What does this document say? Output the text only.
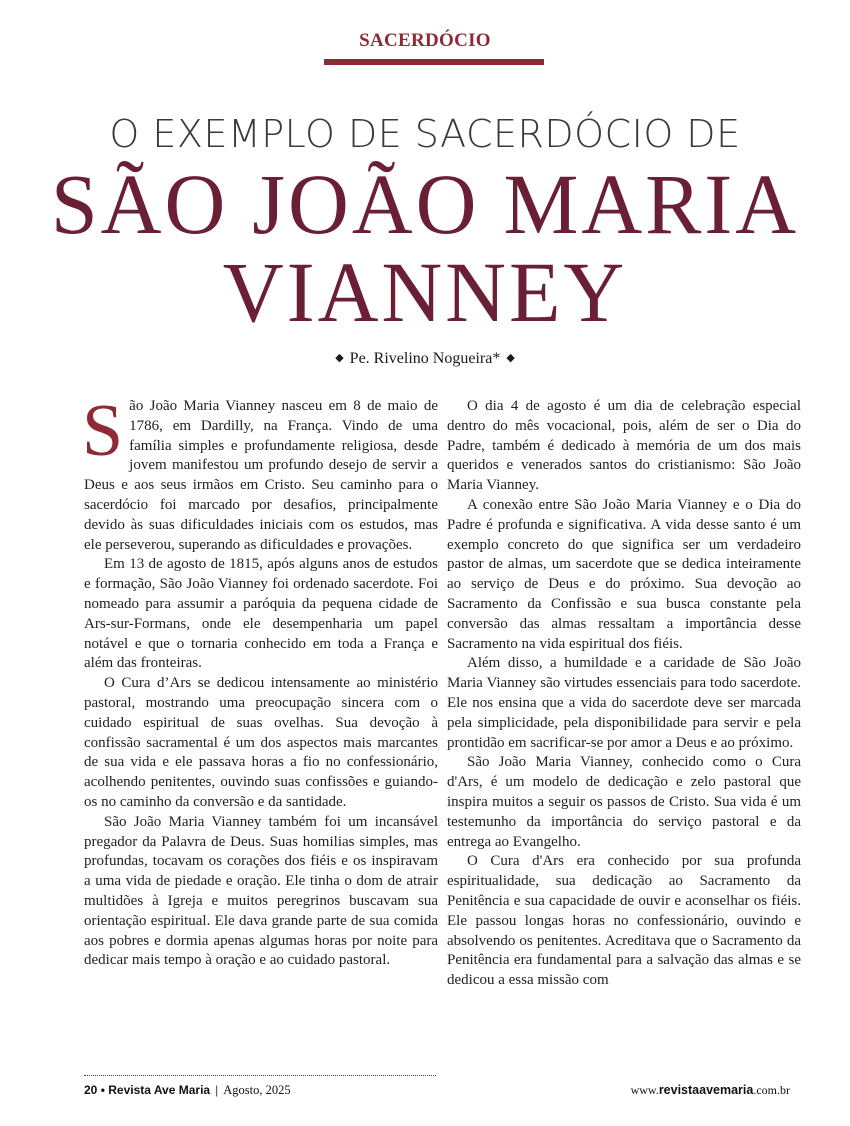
SACERDÓCIO
O EXEMPLO DE SACERDÓCIO DE
SÃO JOÃO MARIA
VIANNEY
◆ Pe. Rivelino Nogueira* ◆

São João Maria Vianney nasceu em 8 de maio de 1786, em Dardilly, na França. Vindo de uma família simples e profundamente religiosa, desde jovem manifestou um profundo desejo de servir a Deus e aos seus irmãos em Cristo. Seu caminho para o sacerdócio foi marcado por desafios, principalmente devido às suas dificuldades iniciais com os estudos, mas ele perseverou, superando as dificuldades e provações.

Em 13 de agosto de 1815, após alguns anos de estudos e formação, São João Vianney foi ordenado sacerdote. Foi nomeado para assumir a paróquia da pequena cidade de Ars-sur-Formans, onde ele desempenharia um papel notável e que o tornaria conhecido em toda a França e além das fronteiras.

O Cura d’Ars se dedicou intensamente ao ministério pastoral, mostrando uma preocupação sincera com o cuidado espiritual de suas ovelhas. Sua devoção à confissão sacramental é um dos aspectos mais marcantes de sua vida e ele passava horas a fio no confessionário, acolhendo penitentes, ouvindo suas confissões e guiando-os no caminho da conversão e da santidade.

São João Maria Vianney também foi um incansável pregador da Palavra de Deus. Suas homilias simples, mas profundas, tocavam os corações dos fiéis e os inspiravam a uma vida de piedade e oração. Ele tinha o dom de atrair multidões à Igreja e muitos peregrinos buscavam sua orientação espiritual. Ele dava grande parte de sua comida aos pobres e dormia apenas algumas horas por noite para dedicar mais tempo à oração e ao cuidado pastoral.

O dia 4 de agosto é um dia de celebração especial dentro do mês vocacional, pois, além de ser o Dia do Padre, também é dedicado à memória de um dos mais queridos e venerados santos do cristianismo: São João Maria Vianney.

A conexão entre São João Maria Vianney e o Dia do Padre é profunda e significativa. A vida desse santo é um exemplo concreto do que significa ser um verdadeiro pastor de almas, um sacerdote que se dedica inteiramente ao serviço de Deus e do próximo. Sua devoção ao Sacramento da Confissão e sua busca constante pela conversão das almas ressaltam a importância desse Sacramento na vida espiritual dos fiéis.

Além disso, a humildade e a caridade de São João Maria Vianney são virtudes essenciais para todo sacerdote. Ele nos ensina que a vida do sacerdote deve ser marcada pela simplicidade, pela disponibilidade para servir e pela prontidão em sacrificar-se por amor a Deus e ao próximo.

São João Maria Vianney, conhecido como o Cura d'Ars, é um modelo de dedicação e zelo pastoral que inspira muitos a seguir os passos de Cristo. Sua vida é um testemunho da importância do serviço pastoral e da entrega ao Evangelho.

O Cura d'Ars era conhecido por sua profunda espiritualidade, sua dedicação ao Sacramento da Penitência e sua capacidade de ouvir e aconselhar os fiéis. Ele passou longas horas no confessionário, ouvindo e absolvendo os penitentes. Acreditava que o Sacramento da Penitência era fundamental para a salvação das almas e se dedicou a essa missão com

20 • Revista Ave Maria | Agosto, 2025	www.revistaavemaria.com.br
